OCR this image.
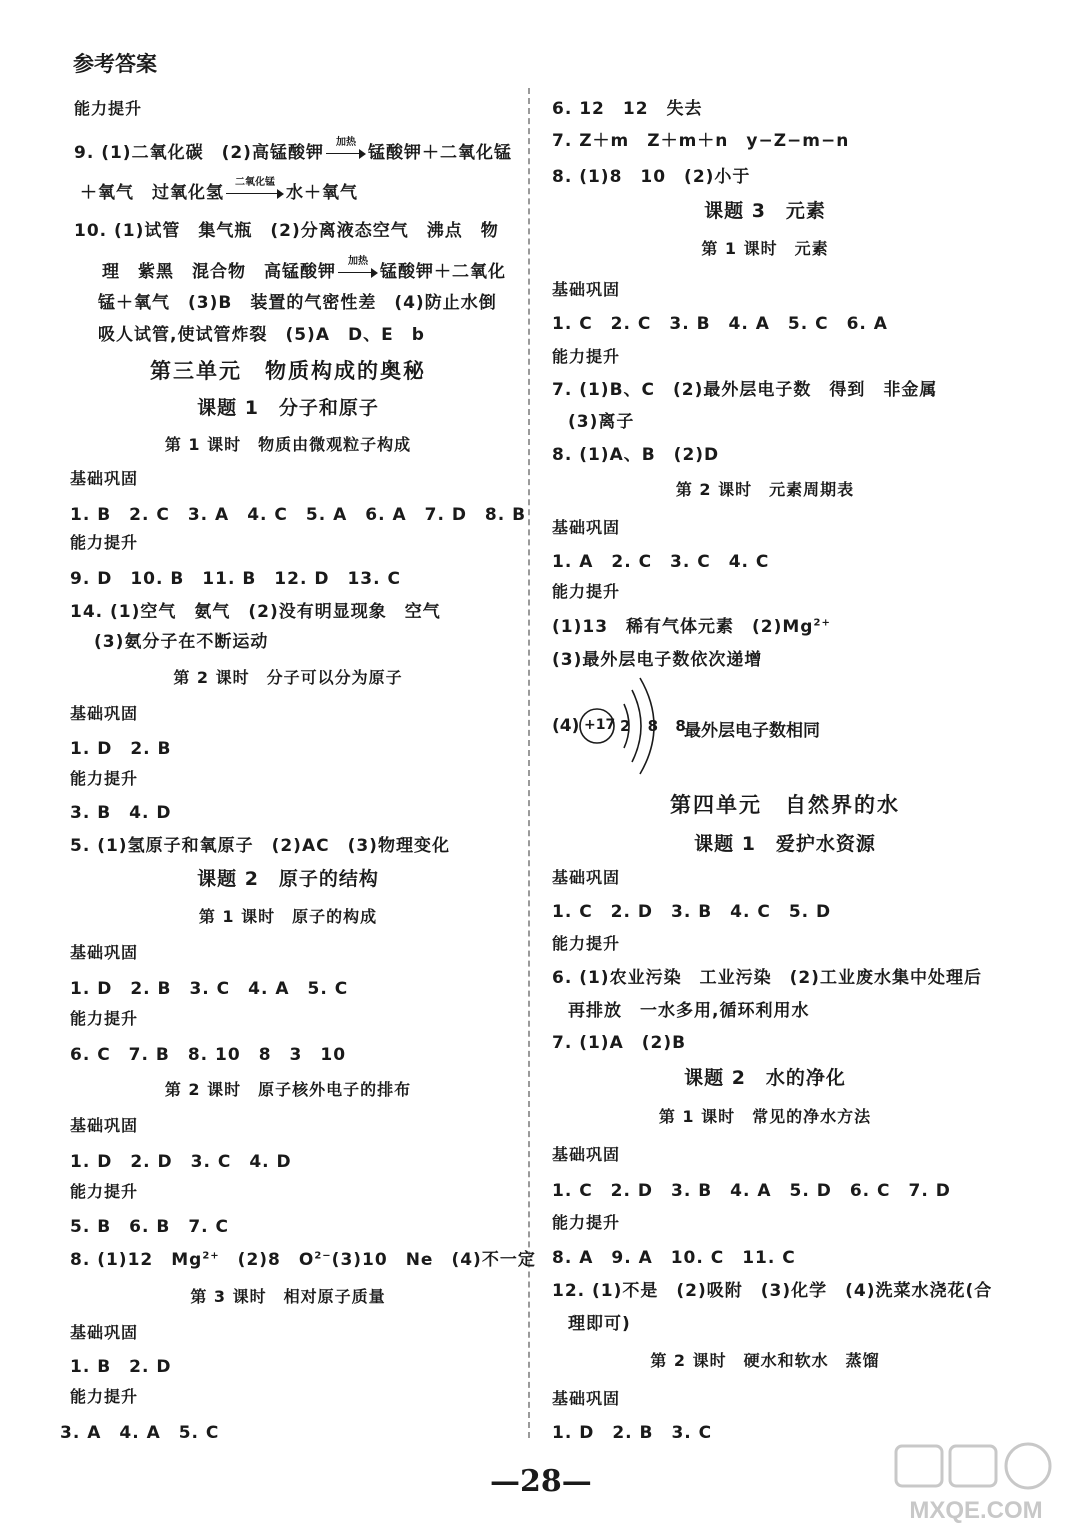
参考答案
能力提升
9. (1)二氧化碳　(2)高锰酸钾
加热
锰酸钾＋二氧化锰
＋氧气　过氧化氢
二氧化锰
水＋氧气
10. (1)试管　集气瓶　(2)分离液态空气　沸点　物
理　紫黑　混合物　高锰酸钾
加热
锰酸钾＋二氧化
锰＋氧气　(3)B　装置的气密性差　(4)防止水倒
吸人试管,使试管炸裂　(5)A　D、E　b
第三单元　物质构成的奥秘
课题 1　分子和原子
第 1 课时　物质由微观粒子构成
基础巩固
1. B　2. C　3. A　4. C　5. A　6. A　7. D　8. B
能力提升
9. D　10. B　11. B　12. D　13. C
14. (1)空气　氨气　(2)没有明显现象　空气
(3)氨分子在不断运动
第 2 课时　分子可以分为原子
基础巩固
1. D　2. B
能力提升
3. B　4. D
5. (1)氢原子和氧原子　(2)AC　(3)物理变化
课题 2　原子的结构
第 1 课时　原子的构成
基础巩固
1. D　2. B　3. C　4. A　5. C
能力提升
6. C　7. B　8. 10　8　3　10
第 2 课时　原子核外电子的排布
基础巩固
1. D　2. D　3. C　4. D
能力提升
5. B　6. B　7. C
8. (1)12　$Mg^{2+}$　(2)8　$O^{2-}(3)10$　Ne　(4)不一定
第 3 课时　相对原子质量
基础巩固
1. B　2. D
能力提升
3. A　4. A　5. C
6. 12　12　失去
7. Z＋m　Z＋m＋n　y−Z−m−n
8. (1)8　10　(2)小于
课题 3　元素
第 1 课时　元素
基础巩固
1. C　2. C　3. B　4. A　5. C　6. A
能力提升
7. (1)B、C　(2)最外层电子数　得到　非金属
(3)离子
8. (1)A、B　(2)D
第 2 课时　元素周期表
基础巩固
1. A　2. C　3. C　4. C
能力提升
(1)13　稀有气体元素　$(2)Mg^{2+}$
(3)最外层电子数依次递增
(4) +17 2 8 8
最外层电子数相同
第四单元　自然界的水
课题 1　爱护水资源
基础巩固
1. C　2. D　3. B　4. C　5. D
能力提升
6. (1)农业污染　工业污染　(2)工业废水集中处理后
再排放　一水多用,循环利用水
7. (1)A　(2)B
课题 2　水的净化
第 1 课时　常见的净水方法
基础巩固
1. C　2. D　3. B　4. A　5. D　6. C　7. D
能力提升
8. A　9. A　10. C　11. C
12. (1)不是　(2)吸附　(3)化学　(4)洗菜水浇花(合
理即可)
第 2 课时　硬水和软水　蒸馏
基础巩固
1. D　2. B　3. C
—28—
MXQE.COM
